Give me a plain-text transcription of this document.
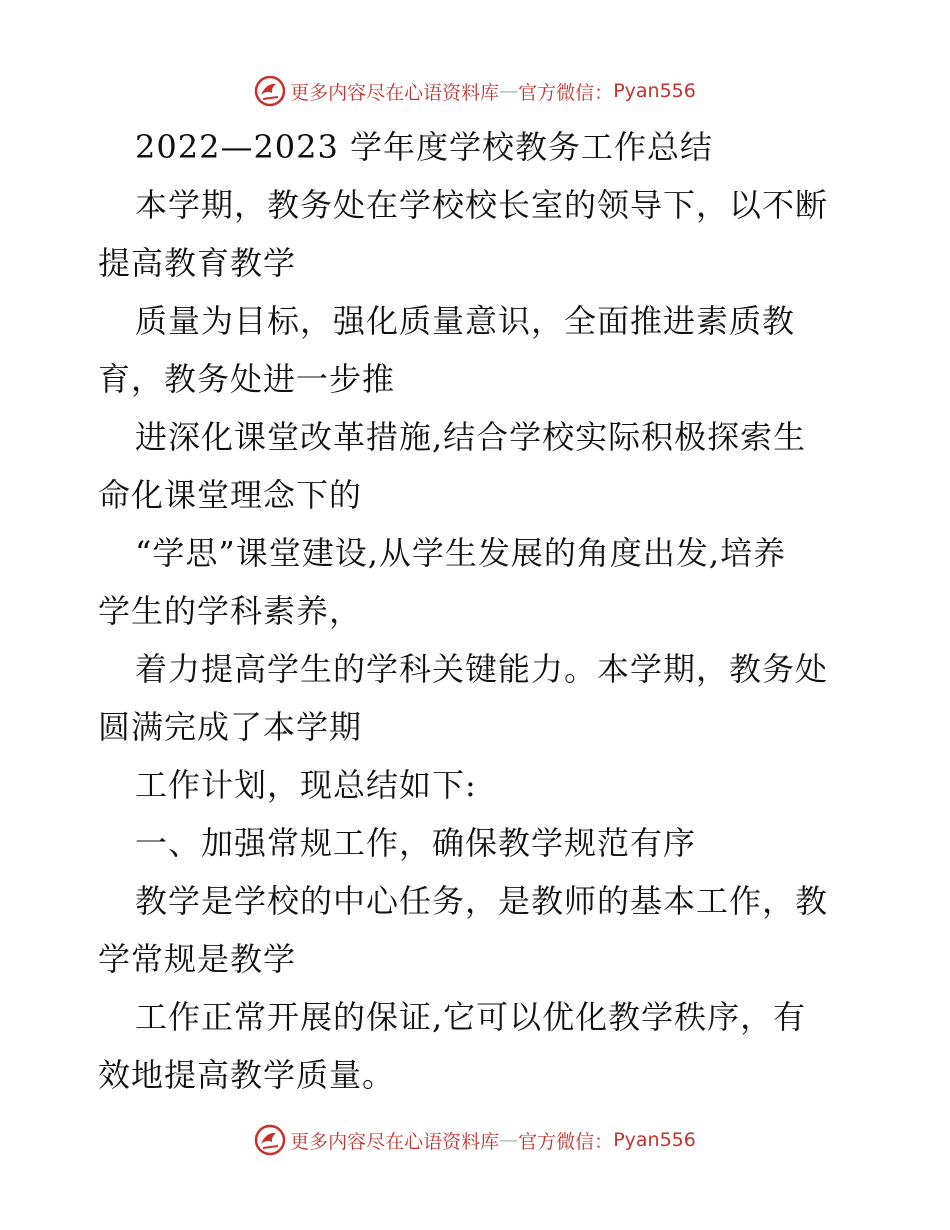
更多内容尽在心语资料库 — 官方微信： Pyan556
2022—2023 学年度学校教务工作总结
本学期，教务处在学校校长室的领导下，以不断
提高教育教学
质量为目标，强化质量意识，全面推进素质教
育，教务处进一步推
进深化课堂改革措施,结合学校实际积极探索生
命化课堂理念下的
“学思”课堂建设,从学生发展的角度出发,培养
学生的学科素养，
着力提高学生的学科关键能力。本学期，教务处
圆满完成了本学期
工作计划，现总结如下:
一、加强常规工作，确保教学规范有序
教学是学校的中心任务，是教师的基本工作，教
学常规是教学
工作正常开展的保证,它可以优化教学秩序，有
效地提高教学质量。
更多内容尽在心语资料库 — 官方微信： Pyan556
